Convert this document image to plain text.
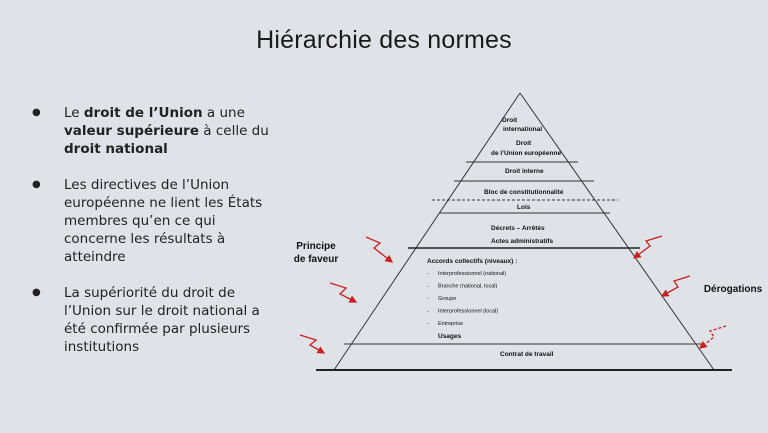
Hiérarchie des normes
● Le droit de l’Union a une valeur supérieure à celle du droit national
● Les directives de l’Union européenne ne lient les États membres qu’en ce qui concerne les résultats à atteindre
● La supériorité du droit de l’Union sur le droit national a été confirmée par plusieurs institutions
Principe
de faveur
Dérogations
Droit
international
Droit
de l’Union européenne
Droit interne
Bloc de constitutionnalité
Lois
Décrets – Arrêtés
Actes administratifs
Accords collectifs (niveaux) :
Usages
Contrat de travail
- Interprofessionnel (national)
- Branche (national, local)
- Groupe
- Interprofessionnel (local)
- Entreprise
